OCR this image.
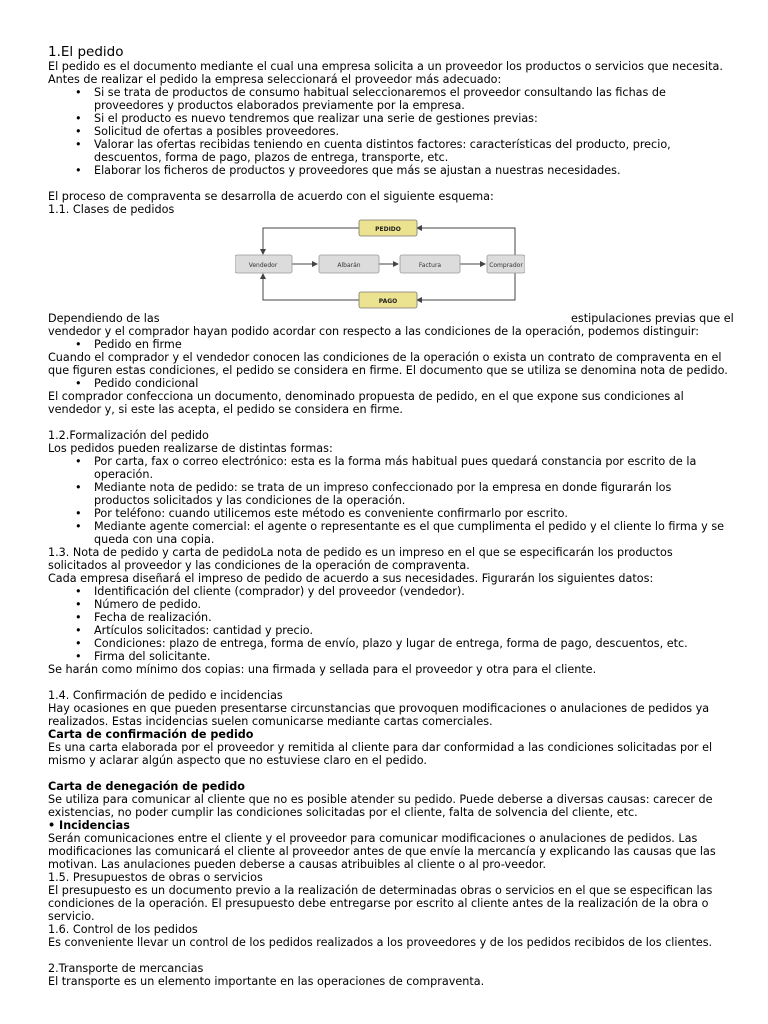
1.El pedido

El pedido es el documento mediante el cual una empresa solicita a un proveedor los productos o servicios que necesita.

Antes de realizar el pedido la empresa seleccionará el proveedor más adecuado:

• Si se trata de productos de consumo habitual seleccionaremos el proveedor consultando las fichas de proveedores y productos elaborados previamente por la empresa.
• Si el producto es nuevo tendremos que realizar una serie de gestiones previas:
• Solicitud de ofertas a posibles proveedores.
• Valorar las ofertas recibidas teniendo en cuenta distintos factores: características del producto, precio, descuentos, forma de pago, plazos de entrega, transporte, etc.
• Elaborar los ficheros de productos y proveedores que más se ajustan a nuestras necesidades.

El proceso de compraventa se desarrolla de acuerdo con el siguiente esquema:

1.1. Clases de pedidos

PEDIDO
PAGO
Vendedor	Albarán	Factura	Comprador
Dependiendo de las	estipulaciones previas que el

vendedor y el comprador hayan podido acordar con respecto a las condiciones de la operación, podemos distinguir:

• Pedido en firme

Cuando el comprador y el vendedor conocen las condiciones de la operación o exista un contrato de compraventa en el que figuren estas condiciones, el pedido se considera en firme. El documento que se utiliza se denomina nota de pedido.

• Pedido condicional

El comprador confecciona un documento, denominado propuesta de pedido, en el que expone sus condiciones al vendedor y, si este las acepta, el pedido se considera en firme.

1.2.Formalización del pedido

Los pedidos pueden realizarse de distintas formas:

• Por carta, fax o correo electrónico: esta es la forma más habitual pues quedará constancia por escrito de la operación.
• Mediante nota de pedido: se trata de un impreso confeccionado por la empresa en donde figurarán los productos solicitados y las condiciones de la operación.
• Por teléfono: cuando utilicemos este método es conveniente confirmarlo por escrito.
• Mediante agente comercial: el agente o representante es el que cumplimenta el pedido y el cliente lo firma y se queda con una copia.

1.3. Nota de pedido y carta de pedidoLa nota de pedido es un impreso en el que se especificarán los productos solicitados al proveedor y las condiciones de la operación de compraventa.

Cada empresa diseñará el impreso de pedido de acuerdo a sus necesidades. Figurarán los siguientes datos:

• Identificación del cliente (comprador) y del proveedor (vendedor).
• Número de pedido.
• Fecha de realización.
• Artículos solicitados: cantidad y precio.
• Condiciones: plazo de entrega, forma de envío, plazo y lugar de entrega, forma de pago, descuentos, etc.
• Firma del solicitante.

Se harán como mínimo dos copias: una firmada y sellada para el proveedor y otra para el cliente.

1.4. Confirmación de pedido e incidencias

Hay ocasiones en que pueden presentarse circunstancias que provoquen modificaciones o anulaciones de pedidos ya realizados. Estas incidencias suelen comunicarse mediante cartas comerciales.

Carta de confirmación de pedido

Es una carta elaborada por el proveedor y remitida al cliente para dar conformidad a las condiciones solicitadas por el mismo y aclarar algún aspecto que no estuviese claro en el pedido.

Carta de denegación de pedido

Se utiliza para comunicar al cliente que no es posible atender su pedido. Puede deberse a diversas causas: carecer de existencias, no poder cumplir las condiciones solicitadas por el cliente, falta de solvencia del cliente, etc.

• Incidencias

Serán comunicaciones entre el cliente y el proveedor para comunicar modificaciones o anulaciones de pedidos. Las modificaciones las comunicará el cliente al proveedor antes de que envíe la mercancía y explicando las causas que las motivan. Las anulaciones pueden deberse a causas atribuibles al cliente o al pro-veedor.

1.5. Presupuestos de obras o servicios

El presupuesto es un documento previo a la realización de determinadas obras o servicios en el que se especifican las condiciones de la operación. El presupuesto debe entregarse por escrito al cliente antes de la realización de la obra o servicio.

1.6. Control de los pedidos

Es conveniente llevar un control de los pedidos realizados a los proveedores y de los pedidos recibidos de los clientes.

2.Transporte de mercancias

El transporte es un elemento importante en las operaciones de compraventa.
